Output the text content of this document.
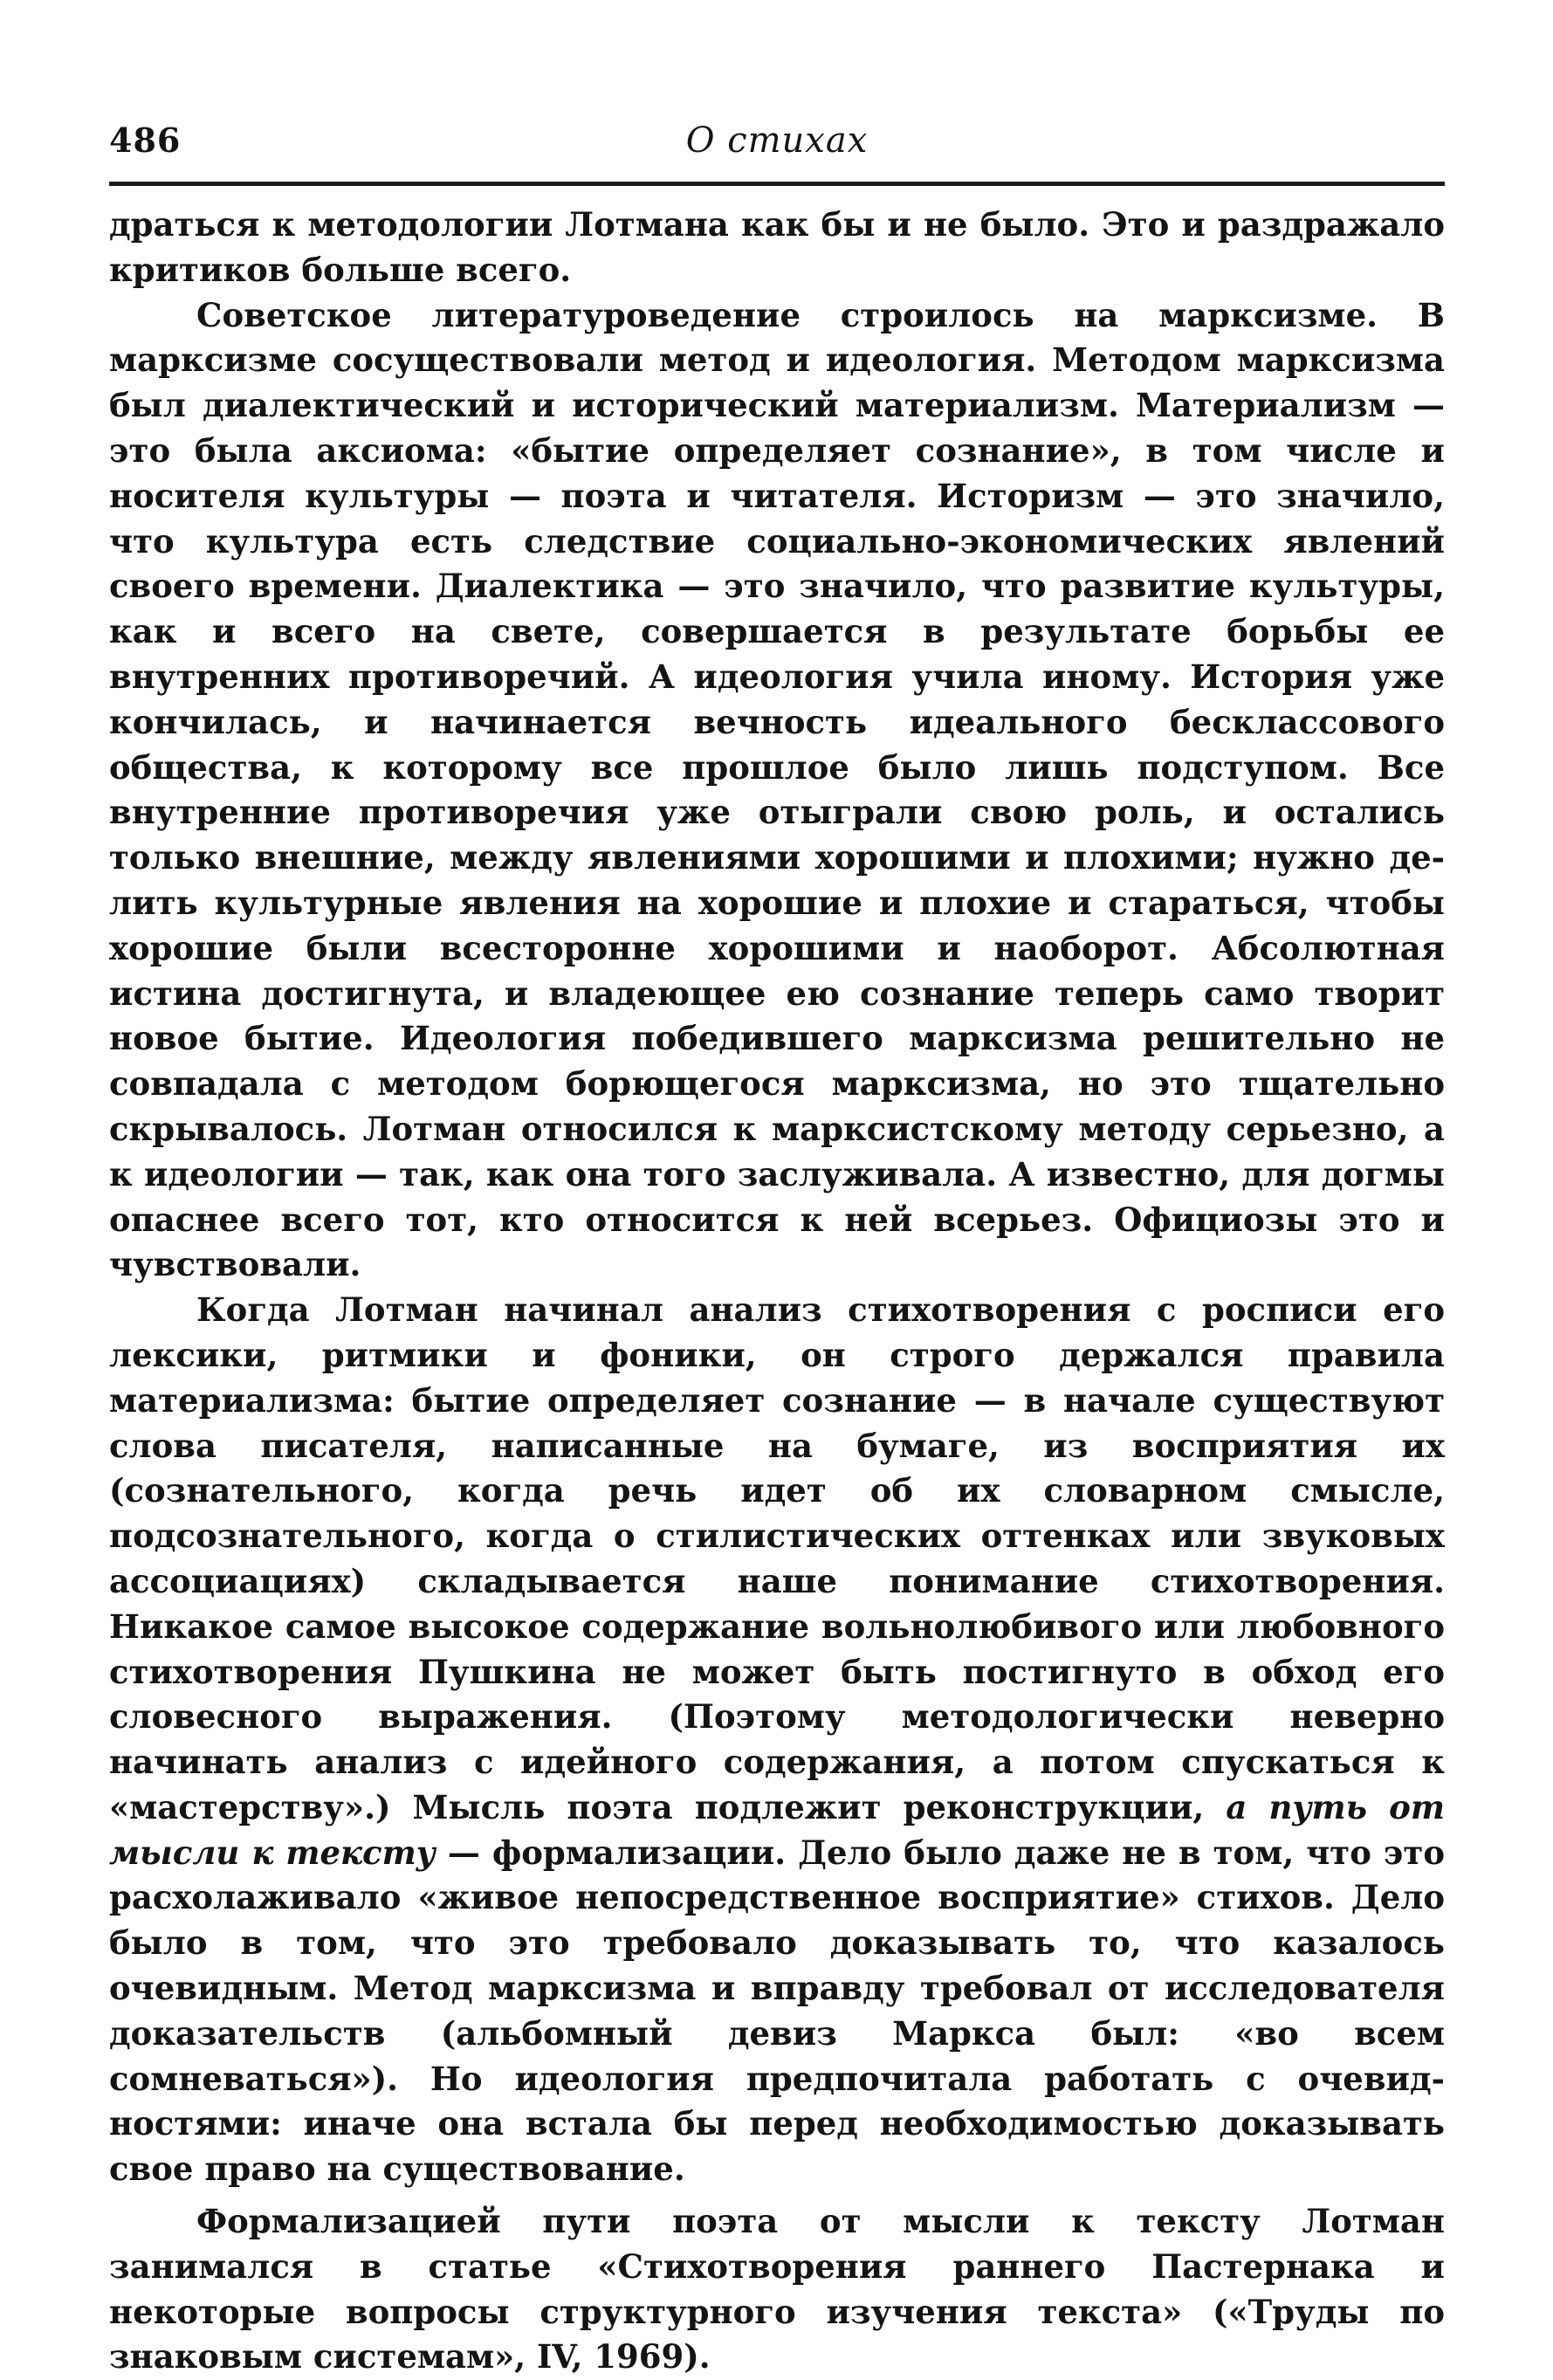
486	О стихах

драться к методологии Лотмана как бы и не было. Это и раздражало критиков больше всего.

Советское литературоведение строилось на марксизме. В марксизме сосуществовали метод и идеология. Методом марксизма был диалектический и исторический материализм. Материализм — это была аксиома: «бытие определяет сознание», в том числе и носителя культуры — поэта и читателя. Историзм — это значило, что культура есть следствие социально-экономических явлений своего времени. Диалектика — это значило, что развитие культуры, как и всего на свете, совершается в результате борьбы ее внутренних противоречий. А идеология учила иному. История уже кончилась, и начинается вечность идеального бесклассового общества, к которому все прошлое было лишь подступом. Все внутренние противоречия уже отыграли свою роль, и остались только внешние, между явлениями хорошими и плохими; нужно делить культурные явления на хорошие и плохие и стараться, чтобы хорошие были всесторонне хорошими и наоборот. Абсолютная истина достигнута, и владеющее ею сознание теперь само творит новое бытие. Идеология победившего марксизма решительно не совпадала с методом борющегося марксизма, но это тщательно скрывалось. Лотман относился к марксистскому методу серьезно, а к идеологии — так, как она того заслуживала. А известно, для догмы опаснее всего тот, кто относится к ней всерьез. Официозы это и чувствовали.

Когда Лотман начинал анализ стихотворения с росписи его лексики, ритмики и фоники, он строго держался правила материализма: бытие определяет сознание — в начале существуют слова писателя, написанные на бумаге, из восприятия их (сознательного, когда речь идет об их словарном смысле, подсознательного, когда о стилистических оттенках или звуковых ассоциациях) складывается наше понимание стихотворения. Никакое самое высокое содержание вольнолюбивого или любовного стихотворения Пушкина не может быть постигнуто в обход его словесного выражения. (Поэтому методологически неверно начинать анализ с идейного содержания, а потом спускаться к «мастерству».) Мысль поэта подлежит реконструкции, а путь от мысли к тексту — формализации. Дело было даже не в том, что это расхолаживало «живое непосредственное восприятие» стихов. Дело было в том, что это требовало доказывать то, что казалось очевидным. Метод марксизма и вправду требовал от исследователя доказательств (альбомный девиз Маркса был: «во всем сомневаться»). Но идеология предпочитала работать с очевидностями: иначе она встала бы перед необходимостью доказывать свое право на существование.

Формализацией пути поэта от мысли к тексту Лотман занимался в статье «Стихотворения раннего Пастернака и некоторые вопросы структурного изучения текста» («Труды по знаковым системам», IV, 1969).
